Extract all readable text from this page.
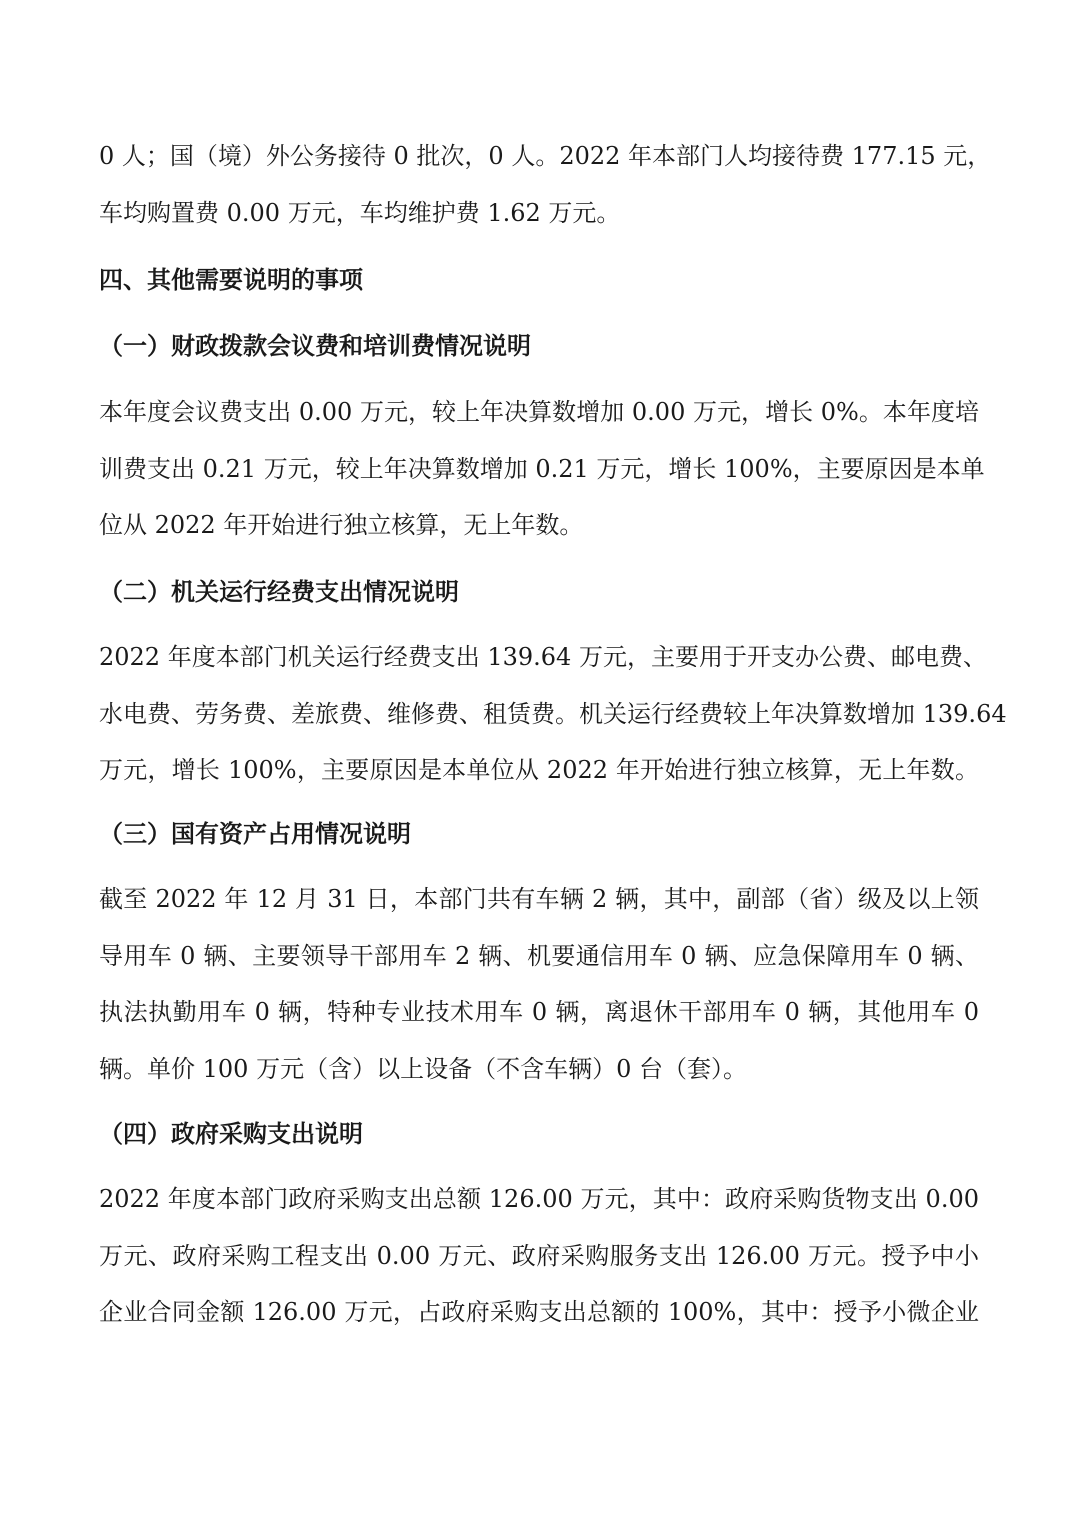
0 人；国（境）外公务接待 0 批次，0 人。2022 年本部门人均接待费 177.15 元，
车均购置费 0.00 万元，车均维护费 1.62 万元。
四、其他需要说明的事项
（一）财政拨款会议费和培训费情况说明
本年度会议费支出 0.00 万元，较上年决算数增加 0.00 万元，增长 0%。本年度培
训费支出 0.21 万元，较上年决算数增加 0.21 万元，增长 100%，主要原因是本单
位从 2022 年开始进行独立核算，无上年数。
（二）机关运行经费支出情况说明
2022 年度本部门机关运行经费支出 139.64 万元，主要用于开支办公费、邮电费、
水电费、劳务费、差旅费、维修费、租赁费。机关运行经费较上年决算数增加 139.64
万元，增长 100%，主要原因是本单位从 2022 年开始进行独立核算，无上年数。
（三）国有资产占用情况说明
截至 2022 年 12 月 31 日，本部门共有车辆 2 辆，其中，副部（省）级及以上领
导用车 0 辆、主要领导干部用车 2 辆、机要通信用车 0 辆、应急保障用车 0 辆、
执法执勤用车 0 辆，特种专业技术用车 0 辆，离退休干部用车 0 辆，其他用车 0
辆。单价 100 万元（含）以上设备（不含车辆）0 台（套）。
（四）政府采购支出说明
2022 年度本部门政府采购支出总额 126.00 万元，其中：政府采购货物支出 0.00
万元、政府采购工程支出 0.00 万元、政府采购服务支出 126.00 万元。授予中小
企业合同金额 126.00 万元，占政府采购支出总额的 100%，其中：授予小微企业
